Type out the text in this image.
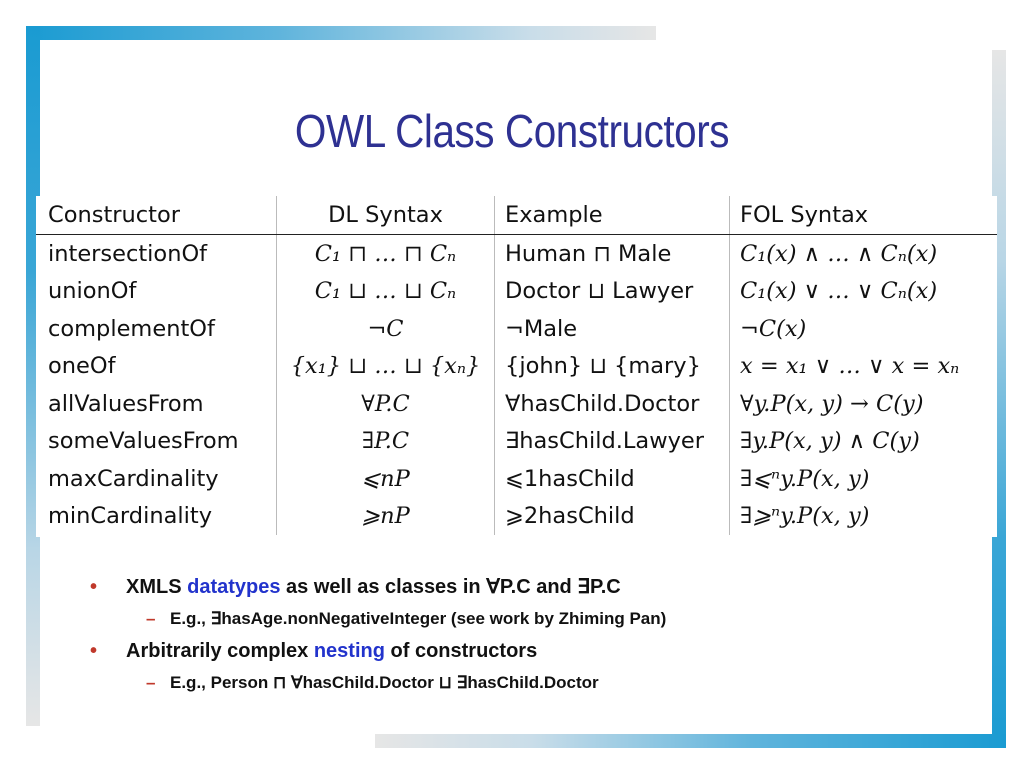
OWL Class Constructors
Constructor	DL Syntax	Example	FOL Syntax
intersectionOf	C₁ ⊓ … ⊓ Cₙ	Human ⊓ Male	C₁(x) ∧ … ∧ Cₙ(x)
unionOf	C₁ ⊔ … ⊔ Cₙ	Doctor ⊔ Lawyer	C₁(x) ∨ … ∨ Cₙ(x)
complementOf	¬C	¬Male	¬C(x)
oneOf	{x₁} ⊔ … ⊔ {xₙ}	{john} ⊔ {mary}	x = x₁ ∨ … ∨ x = xₙ
allValuesFrom	∀P.C	∀hasChild.Doctor	∀y.P(x, y) → C(y)
someValuesFrom	∃P.C	∃hasChild.Lawyer	∃y.P(x, y) ∧ C(y)
maxCardinality	⩽nP	⩽1hasChild	∃⩽ⁿy.P(x, y)
minCardinality	⩾nP	⩾2hasChild	∃⩾ⁿy.P(x, y)
• XMLS datatypes as well as classes in ∀P.C and ∃P.C
– E.g., ∃hasAge.nonNegativeInteger (see work by Zhiming Pan)
• Arbitrarily complex nesting of constructors
– E.g., Person ⊓ ∀hasChild.Doctor ⊔ ∃hasChild.Doctor
